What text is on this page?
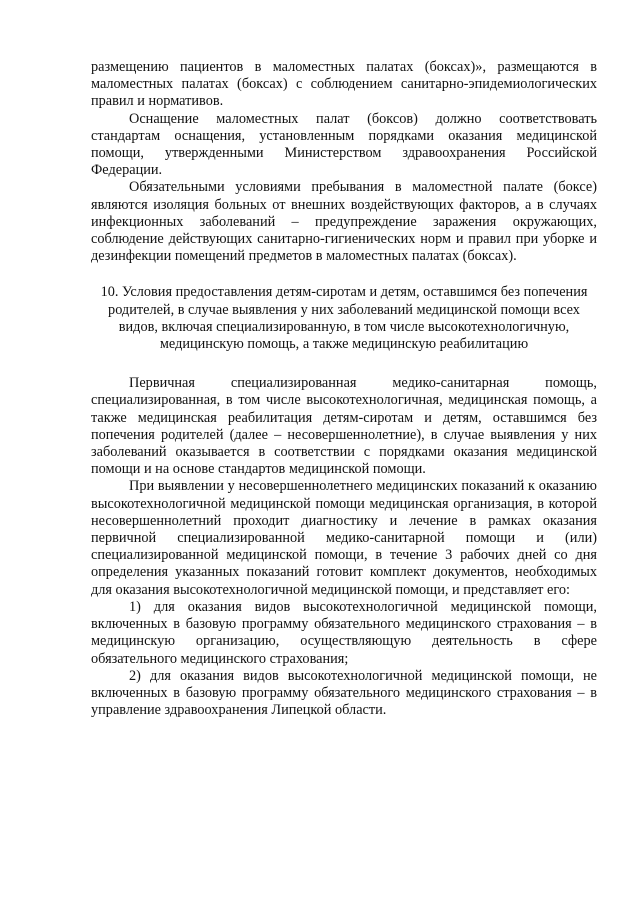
размещению пациентов в маломестных палатах (боксах)», размещаются в маломестных палатах (боксах) с соблюдением санитарно-эпидемиологических правил и нормативов.

Оснащение маломестных палат (боксов) должно соответствовать стандартам оснащения, установленным порядками оказания медицинской помощи, утвержденными Министерством здравоохранения Российской Федерации.

Обязательными условиями пребывания в маломестной палате (боксе) являются изоляция больных от внешних воздействующих факторов, а в случаях инфекционных заболеваний – предупреждение заражения окружающих, соблюдение действующих санитарно-гигиенических норм и правил при уборке и дезинфекции помещений предметов в маломестных палатах (боксах).

10. Условия предоставления детям-сиротам и детям, оставшимся без попечения родителей, в случае выявления у них заболеваний медицинской помощи всех видов, включая специализированную, в том числе высокотехнологичную, медицинскую помощь, а также медицинскую реабилитацию

Первичная специализированная медико-санитарная помощь, специализированная, в том числе высокотехнологичная, медицинская помощь, а также медицинская реабилитация детям-сиротам и детям, оставшимся без попечения родителей (далее – несовершеннолетние), в случае выявления у них заболеваний оказывается в соответствии с порядками оказания медицинской помощи и на основе стандартов медицинской помощи.

При выявлении у несовершеннолетнего медицинских показаний к оказанию высокотехнологичной медицинской помощи медицинская организация, в которой несовершеннолетний проходит диагностику и лечение в рамках оказания первичной специализированной медико-санитарной помощи и (или) специализированной медицинской помощи, в течение 3 рабочих дней со дня определения указанных показаний готовит комплект документов, необходимых для оказания высокотехнологичной медицинской помощи, и представляет его:

1) для оказания видов высокотехнологичной медицинской помощи, включенных в базовую программу обязательного медицинского страхования – в медицинскую организацию, осуществляющую деятельность в сфере обязательного медицинского страхования;

2) для оказания видов высокотехнологичной медицинской помощи, не включенных в базовую программу обязательного медицинского страхования – в управление здравоохранения Липецкой области.
